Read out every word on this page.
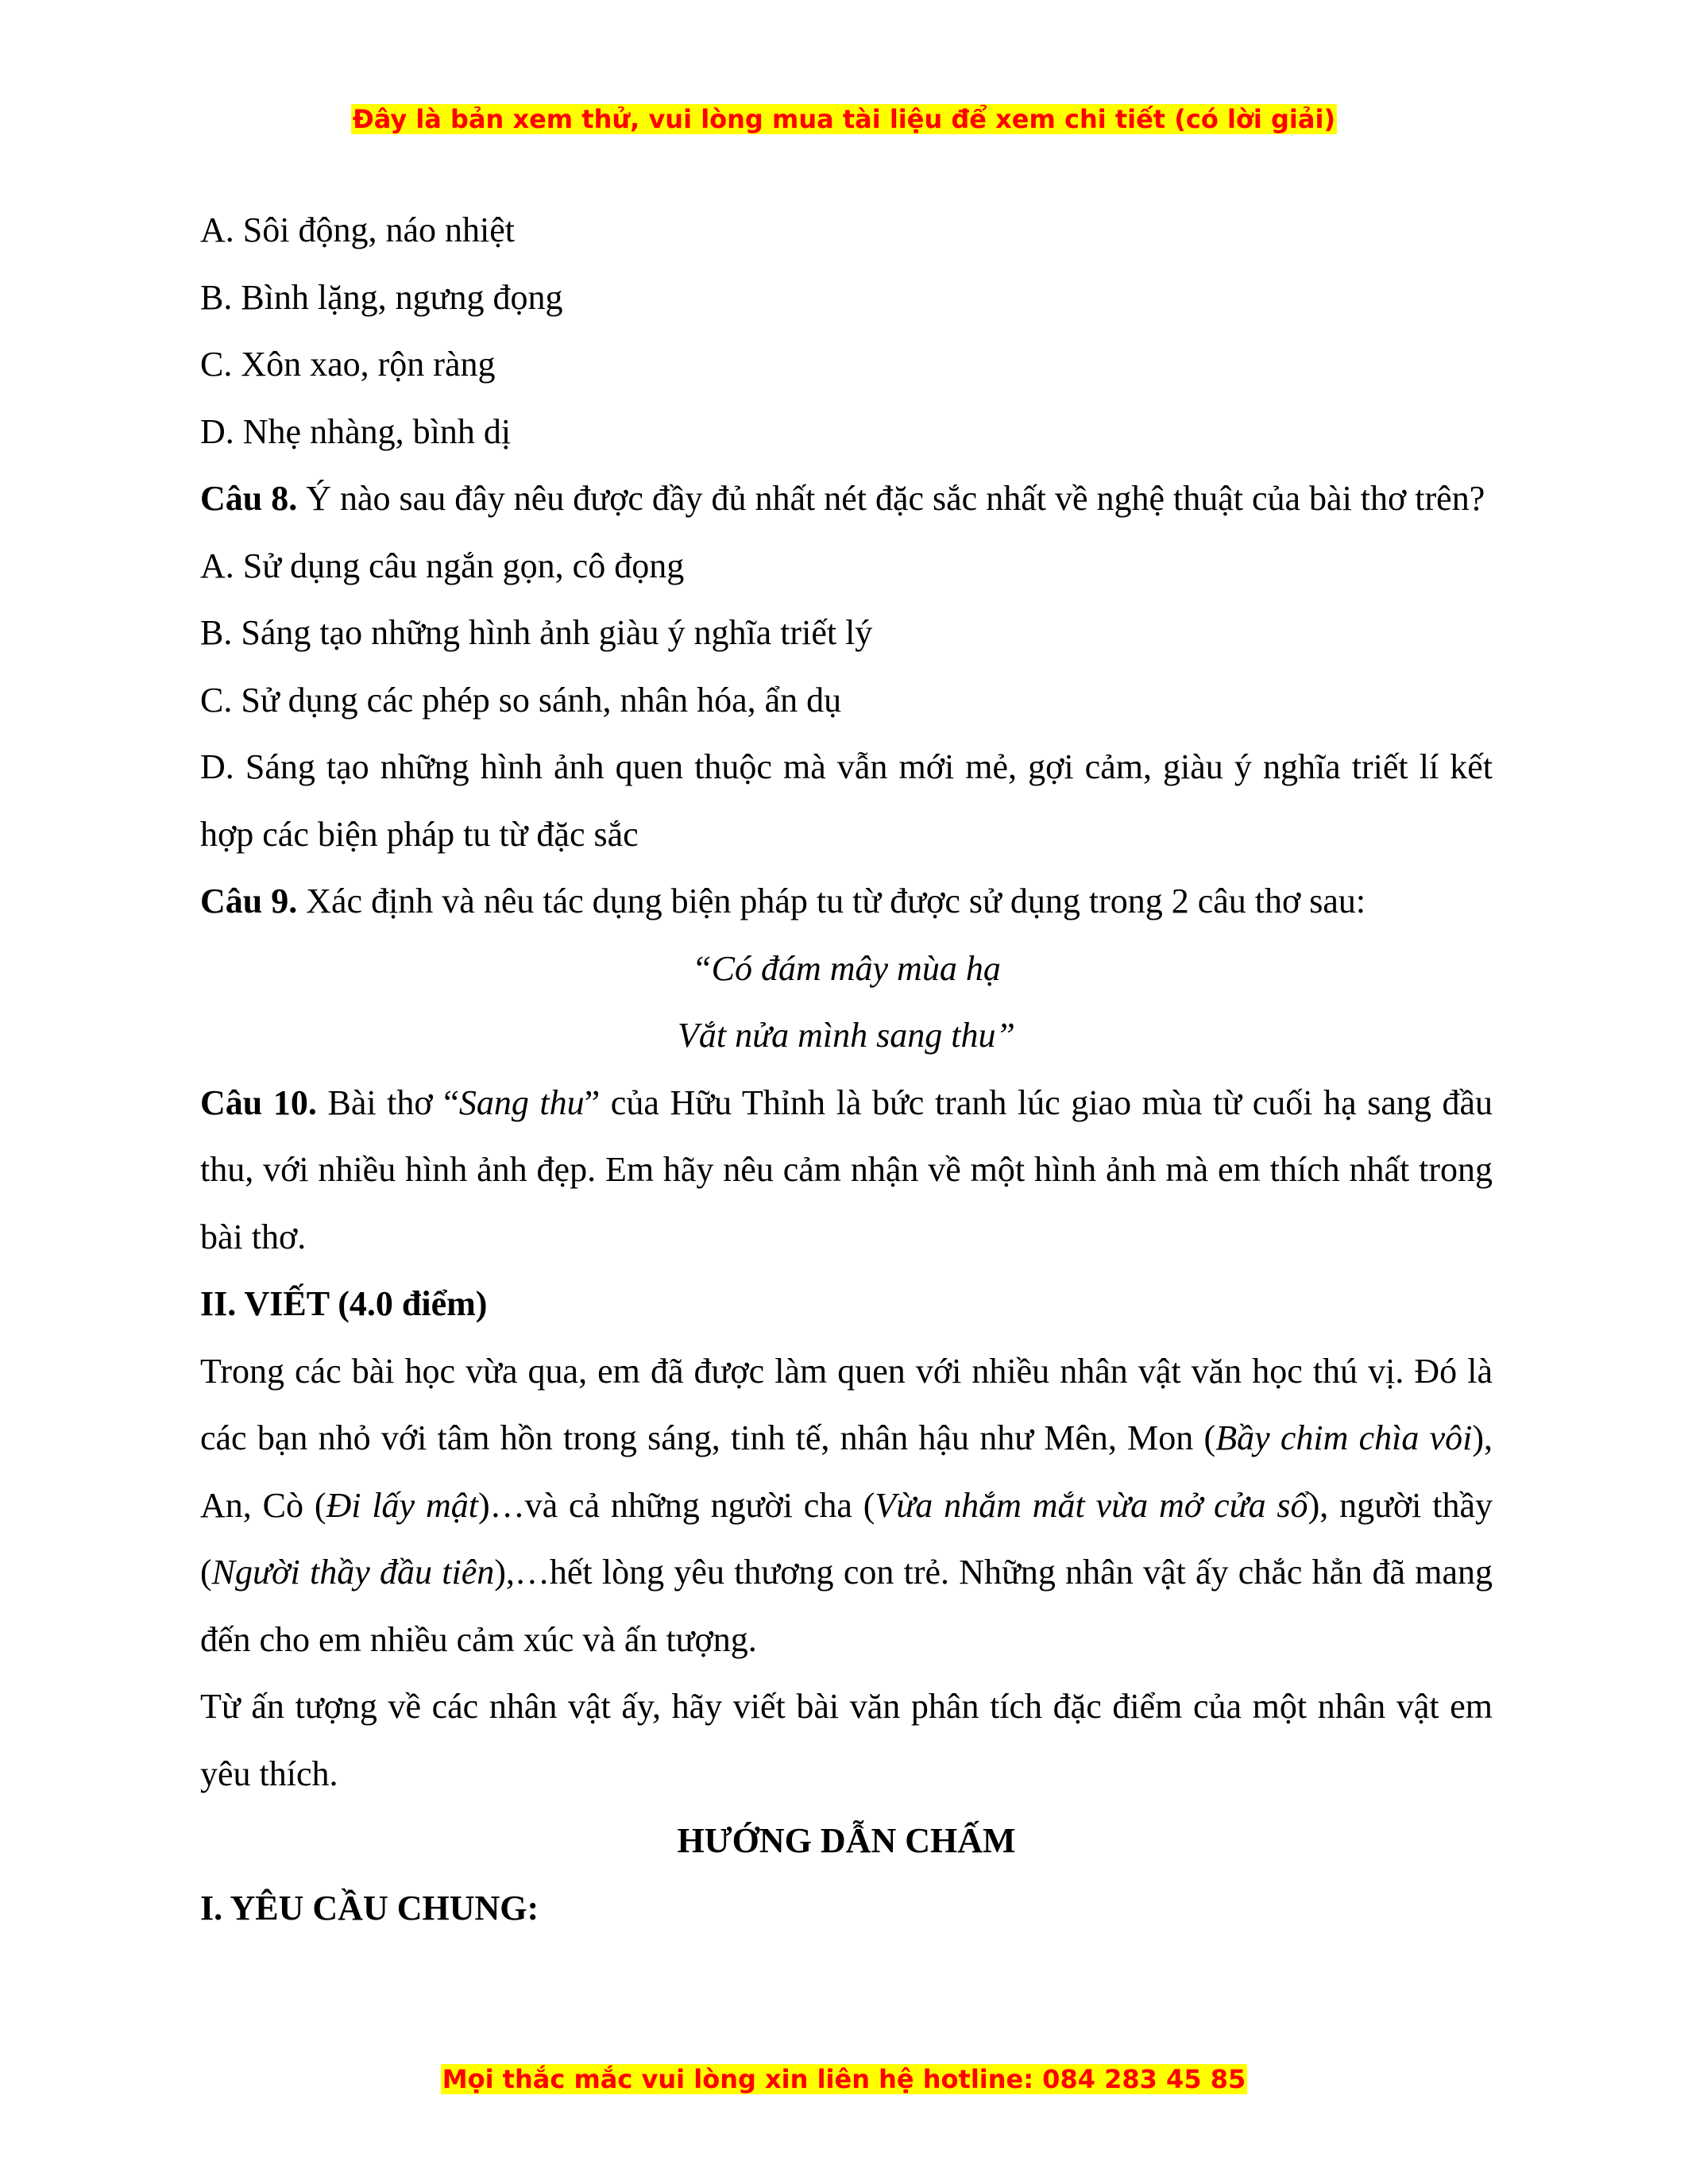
Đây là bản xem thử, vui lòng mua tài liệu để xem chi tiết (có lời giải)

A. Sôi động, náo nhiệt

B. Bình lặng, ngưng đọng

C. Xôn xao, rộn ràng

D. Nhẹ nhàng, bình dị

Câu 8. Ý nào sau đây nêu được đầy đủ nhất nét đặc sắc nhất về nghệ thuật của bài thơ trên?

A. Sử dụng câu ngắn gọn, cô đọng

B. Sáng tạo những hình ảnh giàu ý nghĩa triết lý

C. Sử dụng các phép so sánh, nhân hóa, ẩn dụ

D. Sáng tạo những hình ảnh quen thuộc mà vẫn mới mẻ, gợi cảm, giàu ý nghĩa triết lí kết hợp các biện pháp tu từ đặc sắc

Câu 9. Xác định và nêu tác dụng biện pháp tu từ được sử dụng trong 2 câu thơ sau:

“Có đám mây mùa hạ

Vắt nửa mình sang thu”

Câu 10. Bài thơ “Sang thu” của Hữu Thỉnh là bức tranh lúc giao mùa từ cuối hạ sang đầu thu, với nhiều hình ảnh đẹp. Em hãy nêu cảm nhận về một hình ảnh mà em thích nhất trong bài thơ.

II. VIẾT (4.0 điểm)

Trong các bài học vừa qua, em đã được làm quen với nhiều nhân vật văn học thú vị. Đó là các bạn nhỏ với tâm hồn trong sáng, tinh tế, nhân hậu như Mên, Mon (Bầy chim chìa vôi), An, Cò (Đi lấy mật)…và cả những người cha (Vừa nhắm mắt vừa mở cửa sổ), người thầy (Người thầy đầu tiên),…hết lòng yêu thương con trẻ. Những nhân vật ấy chắc hẳn đã mang đến cho em nhiều cảm xúc và ấn tượng.

Từ ấn tượng về các nhân vật ấy, hãy viết bài văn phân tích đặc điểm của một nhân vật em yêu thích.

HƯỚNG DẪN CHẤM

I. YÊU CẦU CHUNG:

Mọi thắc mắc vui lòng xin liên hệ hotline: 084 283 45 85
